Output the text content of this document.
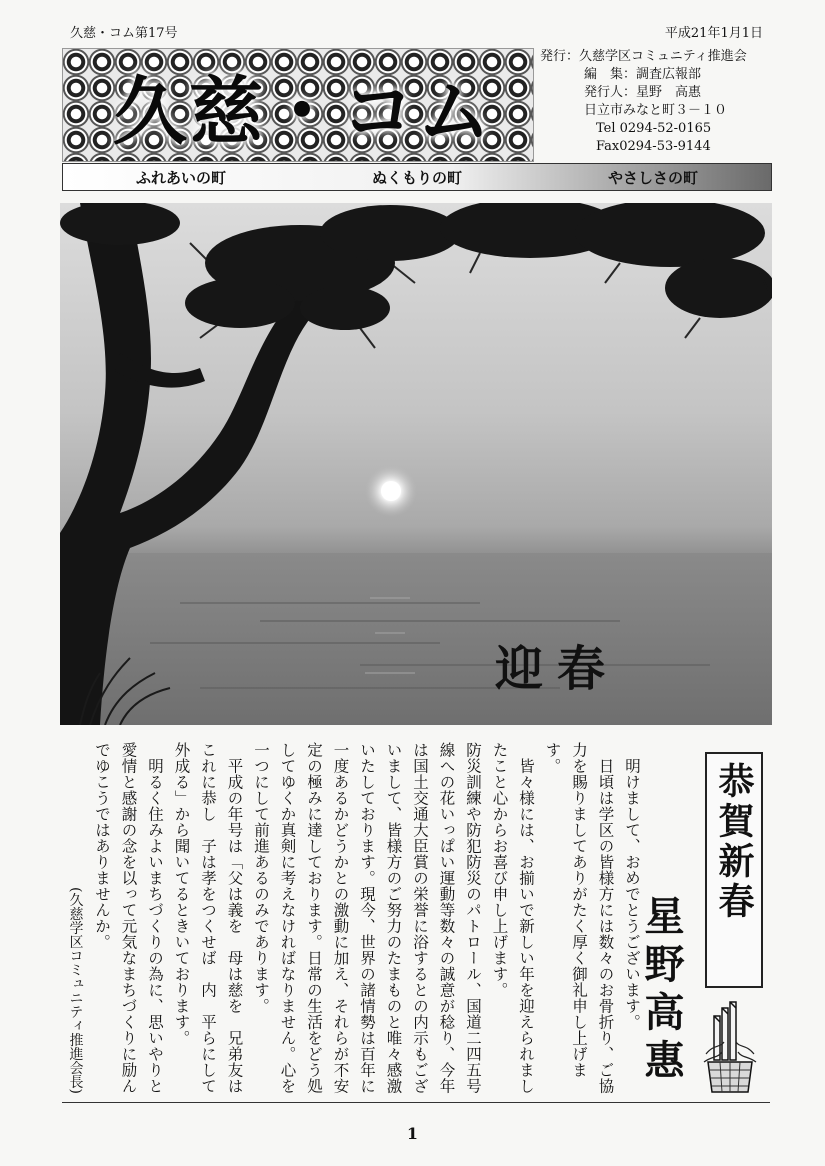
久慈・コム第17号	平成21年1月1日
久慈・コム
発行：久慈学区コミュニティ推進会
編　集：調査広報部
発行人：星野　高惠
日立市みなと町３－１０
Tel 0294-52-0165
Fax0294-53-9144
ふれあいの町	ぬくもりの町	やさしさの町
迎春

明けまして、おめでとうございます。

日頃は学区の皆様方には数々のお骨折り、ご協力を賜りましてありがたく厚く御礼申し上げます。

皆々様には、お揃いで新しい年を迎えられましたこと心からお喜び申し上げます。

防災訓練や防犯防災のパトロール、国道二四五号線への花いっぱい運動等数々の誠意が稔り、今年は国土交通大臣賞の栄誉に浴するとの内示もございまして、皆様方のご努力のたまものと唯々感激いたしております。現今、世界の諸情勢は百年に一度あるかどうかとの激動に加え、それらが不安定の極みに達しております。日常の生活をどう処してゆくか真剣に考えなければなりません。心を一つにして前進あるのみであります。

平成の年号は「父は義を　母は慈を　兄弟友はこれに恭し　子は孝をつくせば　内　平らにして外成る」から聞いてるときいております。

明るく住みよいまちづくりの為に、思いやりと愛情と感謝の念を以って元気なまちづくりに励んでゆこうではありませんか。

(久慈学区コミュニティ推進会長)

恭賀新春
星野高惠
1
